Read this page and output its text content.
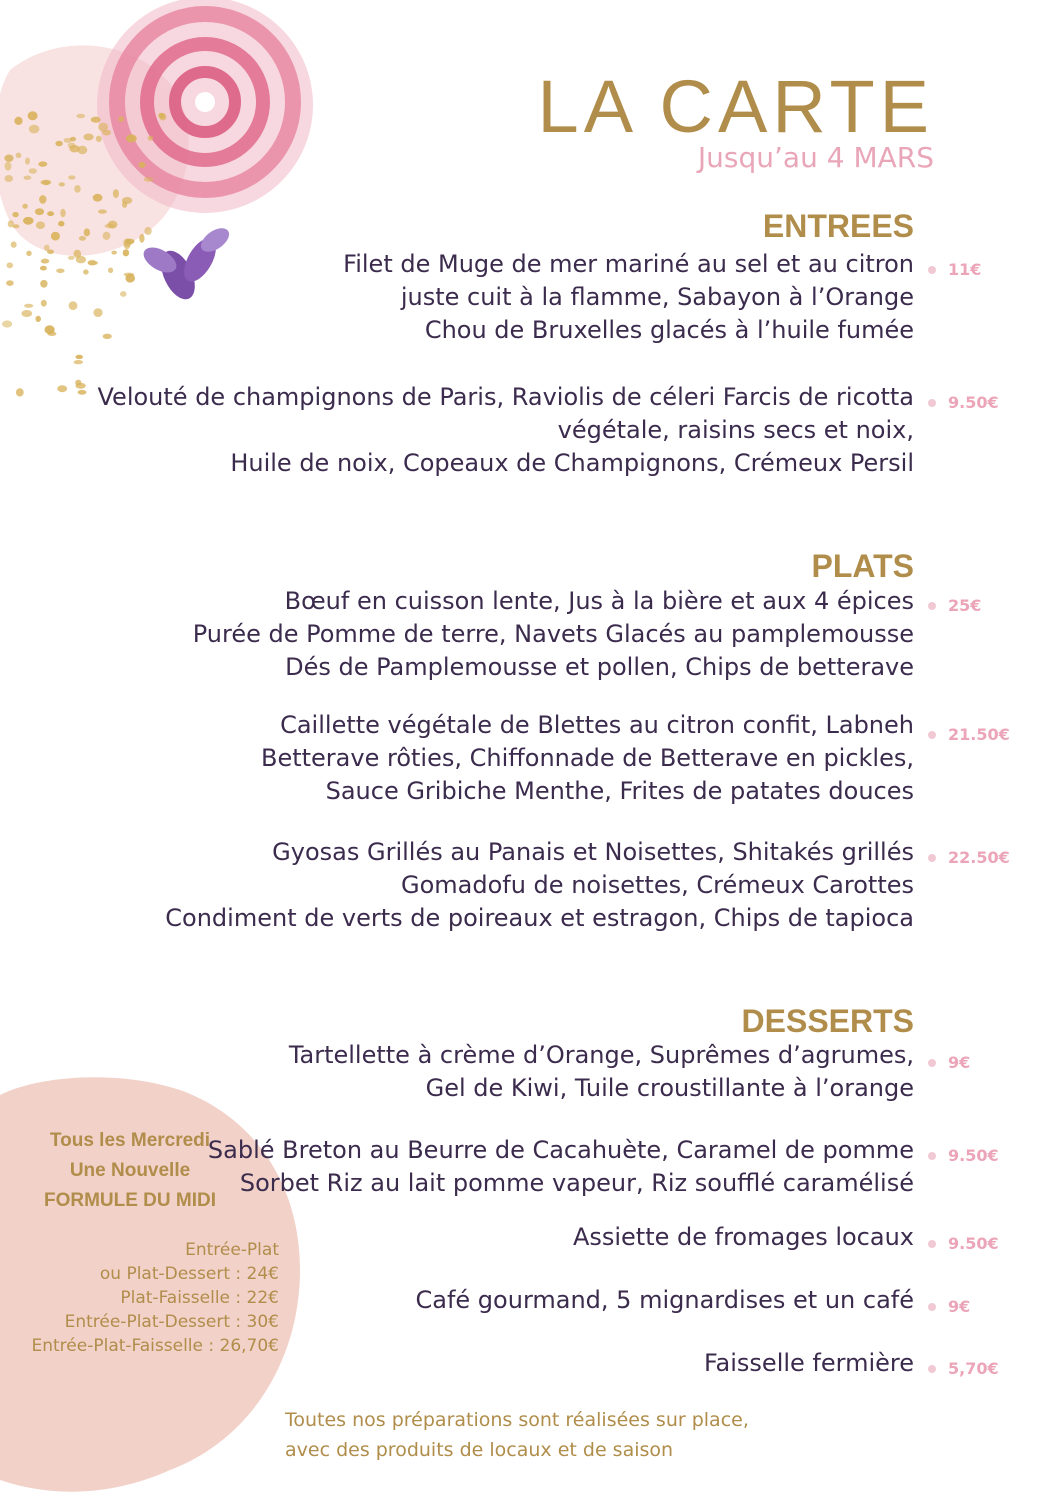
LA CARTE
Jusqu’au 4 MARS
ENTREES
Filet de Muge de mer mariné au sel et au citron
juste cuit à la flamme, Sabayon à l’Orange
Chou de Bruxelles glacés à l’huile fumée
11€
Velouté de champignons de Paris, Raviolis de céleri Farcis de ricotta
végétale, raisins secs et noix,
Huile de noix, Copeaux de Champignons, Crémeux Persil
9.50€
PLATS
Bœuf en cuisson lente, Jus à la bière et aux 4 épices
Purée de Pomme de terre, Navets Glacés au pamplemousse
Dés de Pamplemousse et pollen, Chips de betterave
25€
Caillette végétale de Blettes au citron confit, Labneh
Betterave rôties, Chiffonnade de Betterave en pickles,
Sauce Gribiche Menthe, Frites de patates douces
21.50€
Gyosas Grillés au Panais et Noisettes, Shitakés grillés
Gomadofu de noisettes, Crémeux Carottes
Condiment de verts de poireaux et estragon, Chips de tapioca
22.50€
DESSERTS
Tartellette à crème d’Orange, Suprêmes d’agrumes,
Gel de Kiwi, Tuile croustillante à l’orange
9€
Sablé Breton au Beurre de Cacahuète, Caramel de pomme
Sorbet Riz au lait pomme vapeur, Riz soufflé caramélisé
9.50€
Assiette de fromages locaux	9.50€
Café gourmand, 5 mignardises et un café	9€
Faisselle fermière	5,70€
Tous les Mercredi
Une Nouvelle
FORMULE DU MIDI
Entrée-Plat
ou Plat-Dessert : 24€
Plat-Faisselle : 22€
Entrée-Plat-Dessert : 30€
Entrée-Plat-Faisselle : 26,70€
Toutes nos préparations sont réalisées sur place,
avec des produits de locaux et de saison
